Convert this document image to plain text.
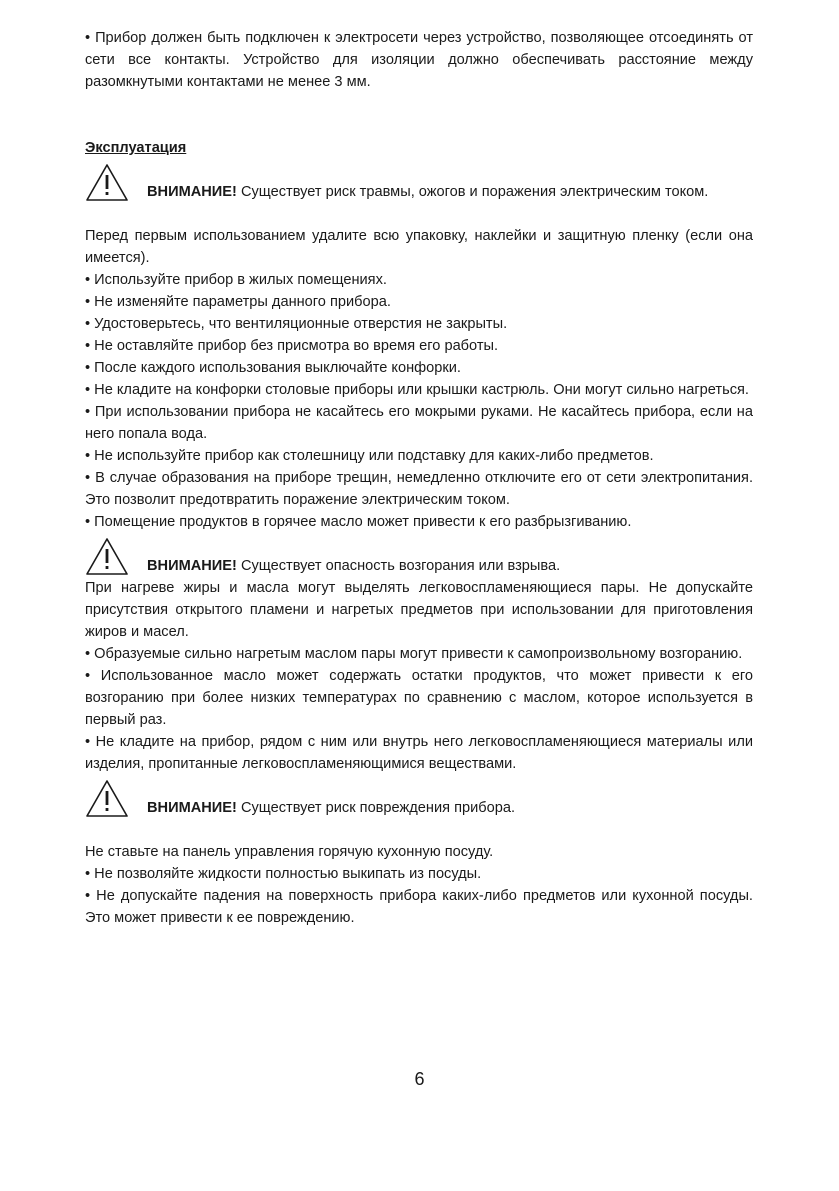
• Прибор должен быть подключен к электросети через устройство, позволяющее отсоединять от сети все контакты. Устройство для изоляции должно обеспечивать расстояние между разомкнутыми контактами не менее 3 мм.

Эксплуатация

ВНИМАНИЕ! Существует риск травмы, ожогов и поражения электрическим током.

Перед первым использованием удалите всю упаковку, наклейки и защитную пленку (если она имеется).

• Используйте прибор в жилых помещениях.

• Не изменяйте параметры данного прибора.

• Удостоверьтесь, что вентиляционные отверстия не закрыты.

• Не оставляйте прибор без присмотра во время его работы.

• После каждого использования выключайте конфорки.

• Не кладите на конфорки столовые приборы или крышки кастрюль. Они могут сильно нагреться.

• При использовании прибора не касайтесь его мокрыми руками. Не касайтесь прибора, если на него попала вода.

• Не используйте прибор как столешницу или подставку для каких-либо предметов.

• В случае образования на приборе трещин, немедленно отключите его от сети электропитания. Это позволит предотвратить поражение электрическим током.

• Помещение продуктов в горячее масло может привести к его разбрызгиванию.

ВНИМАНИЕ! Существует опасность возгорания или взрыва.

При нагреве жиры и масла могут выделять легковоспламеняющиеся пары. Не допускайте присутствия открытого пламени и нагретых предметов при использовании для приготовления жиров и масел.

• Образуемые сильно нагретым маслом пары могут привести к самопроизвольному возгоранию.

• Использованное масло может содержать остатки продуктов, что может привести к его возгоранию при более низких температурах по сравнению с маслом, которое используется в первый раз.

• Не кладите на прибор, рядом с ним или внутрь него легковоспламеняющиеся материалы или изделия, пропитанные легковоспламеняющимися веществами.

ВНИМАНИЕ! Существует риск повреждения прибора.

Не ставьте на панель управления горячую кухонную посуду.

• Не позволяйте жидкости полностью выкипать из посуды.

• Не допускайте падения на поверхность прибора каких-либо предметов или кухонной посуды. Это может привести к ее повреждению.

6
